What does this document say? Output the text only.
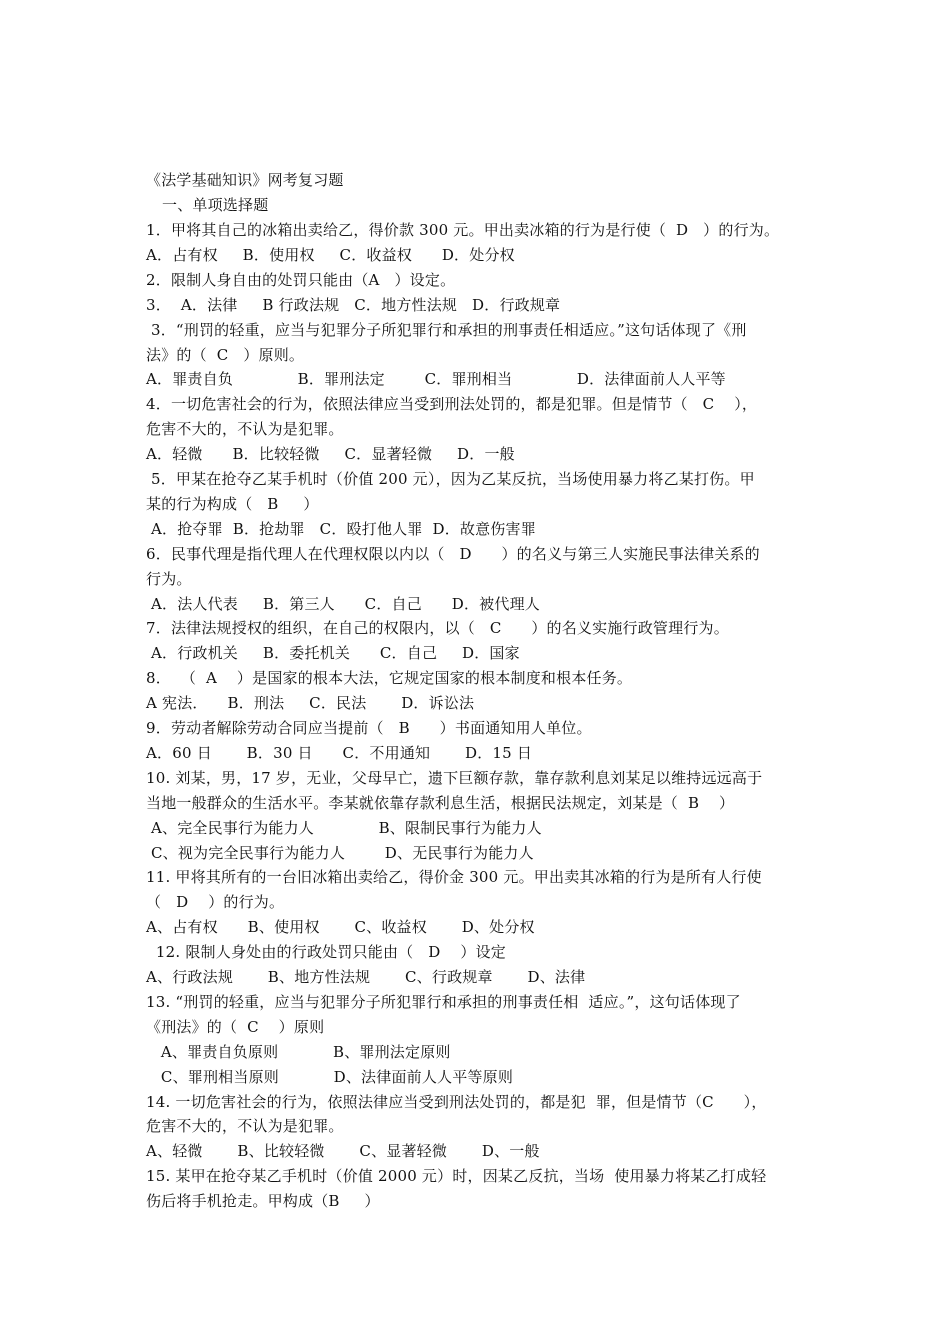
《法学基础知识》网考复习题
一、单项选择题
1．甲将其自己的冰箱出卖给乙，得价款 300 元。甲出卖冰箱的行为是行使（  D   ）的行为。
A．占有权     B．使用权     C．收益权      D．处分权
2．限制人身自由的处罚只能由（A   ）设定。
3．  A．法律     B 行政法规   C．地方性法规   D．行政规章
3．“刑罚的轻重，应当与犯罪分子所犯罪行和承担的刑事责任相适应。”这句话体现了《刑
法》的（  C   ）原则。
A．罪责自负             B．罪刑法定        C．罪刑相当             D．法律面前人人平等
4．一切危害社会的行为，依照法律应当受到刑法处罚的，都是犯罪。但是情节（   C    ），
危害不大的，不认为是犯罪。
A．轻微      B．比较轻微     C．显著轻微     D．一般
5．甲某在抢夺乙某手机时（价值 200 元），因为乙某反抗，当场使用暴力将乙某打伤。甲
某的行为构成（   B     ）
A．抢夺罪  B．抢劫罪   C．殴打他人罪  D．故意伤害罪
6．民事代理是指代理人在代理权限以内以（   D      ）的名义与第三人实施民事法律关系的
行为。
A．法人代表     B．第三人      C．自己      D．被代理人
7．法律法规授权的组织，在自己的权限内，以（   C      ）的名义实施行政管理行为。
A．行政机关     B．委托机关      C．自己     D．国家
8．  （  A    ）是国家的根本大法，它规定国家的根本制度和根本任务。
A 宪法．    B．刑法     C．民法       D．诉讼法
9．劳动者解除劳动合同应当提前（   B      ）书面通知用人单位。
A．60 日       B．30 日      C．不用通知       D．15 日
10. 刘某，男，17 岁，无业，父母早亡，遗下巨额存款，靠存款利息刘某足以维持远远高于
当地一般群众的生活水平。李某就依靠存款利息生活，根据民法规定，刘某是（  B    ）
A、完全民事行为能力人             B、限制民事行为能力人
C、视为完全民事行为能力人        D、无民事行为能力人
11. 甲将其所有的一台旧冰箱出卖给乙，得价金 300 元。甲出卖其冰箱的行为是所有人行使
（   D    ）的行为。
A、占有权      B、使用权       C、收益权       D、处分权
12. 限制人身处由的行政处罚只能由（   D    ）设定
A、行政法规       B、地方性法规       C、行政规章       D、法律
13. “刑罚的轻重，应当与犯罪分子所犯罪行和承担的刑事责任相  适应。”，这句话体现了
《刑法》的（  C    ）原则
A、罪责自负原则           B、罪刑法定原则
C、罪刑相当原则           D、法律面前人人平等原则
14. 一切危害社会的行为，依照法律应当受到刑法处罚的，都是犯  罪，但是情节（C      ），
危害不大的，不认为是犯罪。
A、轻微       B、比较轻微       C、显著轻微       D、一般
15. 某甲在抢夺某乙手机时（价值 2000 元）时，因某乙反抗，当场  使用暴力将某乙打成轻
伤后将手机抢走。甲构成（B     ）
